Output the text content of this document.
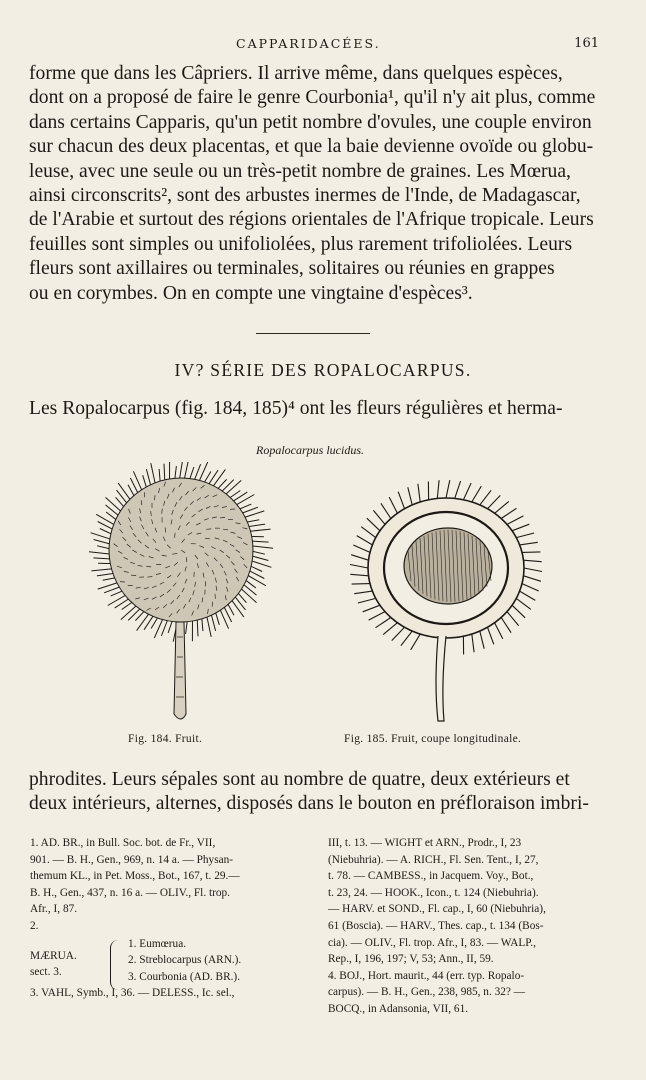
CAPPARIDACÉES.	161

forme que dans les Câpriers. Il arrive même, dans quelques espèces,

dont on a proposé de faire le genre Courbonia¹, qu'il n'y ait plus, comme

dans certains Capparis, qu'un petit nombre d'ovules, une couple environ

sur chacun des deux placentas, et que la baie devienne ovoïde ou globu-

leuse, avec une seule ou un très-petit nombre de graines. Les Mœrua,

ainsi circonscrits², sont des arbustes inermes de l'Inde, de Madagascar,

de l'Arabie et surtout des régions orientales de l'Afrique tropicale. Leurs

feuilles sont simples ou unifoliolées, plus rarement trifoliolées. Leurs

fleurs sont axillaires ou terminales, solitaires ou réunies en grappes

ou en corymbes. On en compte une vingtaine d'espèces³.

IV? SÉRIE DES ROPALOCARPUS.

Les Ropalocarpus (fig. 184, 185)⁴ ont les fleurs régulières et herma-

Ropalocarpus lucidus.
Fig. 184. Fruit.	Fig. 185. Fruit, coupe longitudinale.

phrodites. Leurs sépales sont au nombre de quatre, deux extérieurs et

deux intérieurs, alternes, disposés dans le bouton en préfloraison imbri-

1. AD. BR., in Bull. Soc. bot. de Fr., VII,
901. — B. H., Gen., 969, n. 14 a. — Physan-
themum KL., in Pet. Moss., Bot., 167, t. 29.—
B. H., Gen., 437, n. 16 a. — OLIV., Fl. trop.
Afr., I, 87.
2.
MÆRUA.
sect. 3.
1. Eumœrua.
2. Streblocarpus (ARN.).
3. Courbonia (AD. BR.).
3. VAHL, Symb., I, 36. — DELESS., Ic. sel.,
III, t. 13. — WIGHT et ARN., Prodr., I, 23
(Niebuhria). — A. RICH., Fl. Sen. Tent., I, 27,
t. 78. — CAMBESS., in Jacquem. Voy., Bot.,
t. 23, 24. — HOOK., Icon., t. 124 (Niebuhria).
— HARV. et SOND., Fl. cap., I, 60 (Niebuhria),
61 (Boscia). — HARV., Thes. cap., t. 134 (Bos-
cia). — OLIV., Fl. trop. Afr., I, 83. — WALP.,
Rep., I, 196, 197; V, 53; Ann., II, 59.
4. BOJ., Hort. maurit., 44 (err. typ. Ropalo-
carpus). — B. H., Gen., 238, 985, n. 32? —
BOCQ., in Adansonia, VII, 61.
